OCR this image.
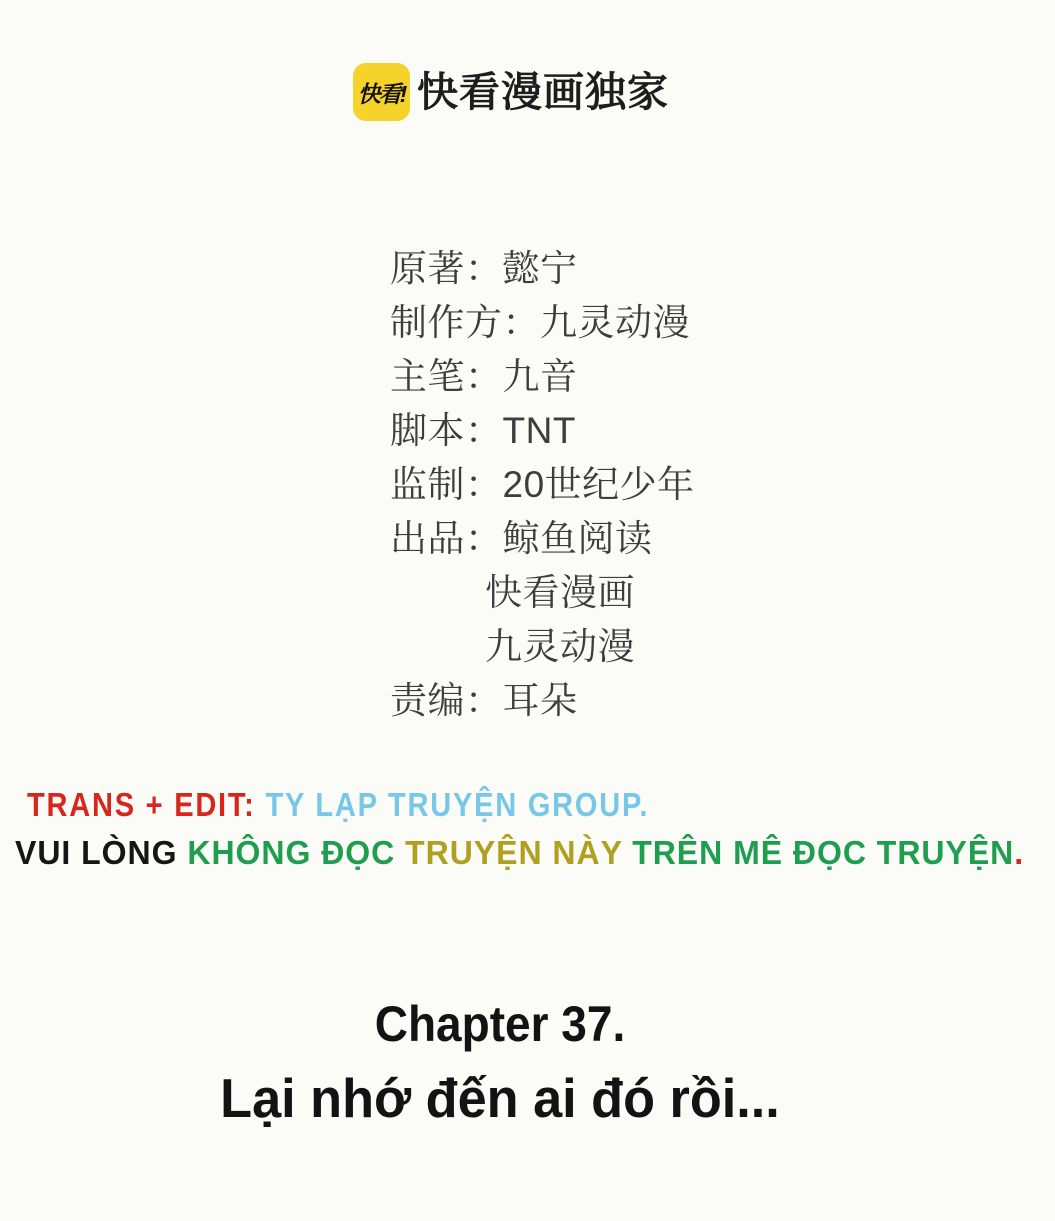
快看! 快看漫画独家
原著：懿宁
制作方：九灵动漫
主笔：九音
脚本：TNT
监制：20世纪少年
出品：鲸鱼阅读
快看漫画
九灵动漫
责编：耳朵
TRANS + EDIT: TY LẠP TRUYỆN GROUP.
VUI LÒNG KHÔNG ĐỌC TRUYỆN NÀY TRÊN MÊ ĐỌC TRUYỆN.
Chapter 37.
Lại nhớ đến ai đó rồi...
